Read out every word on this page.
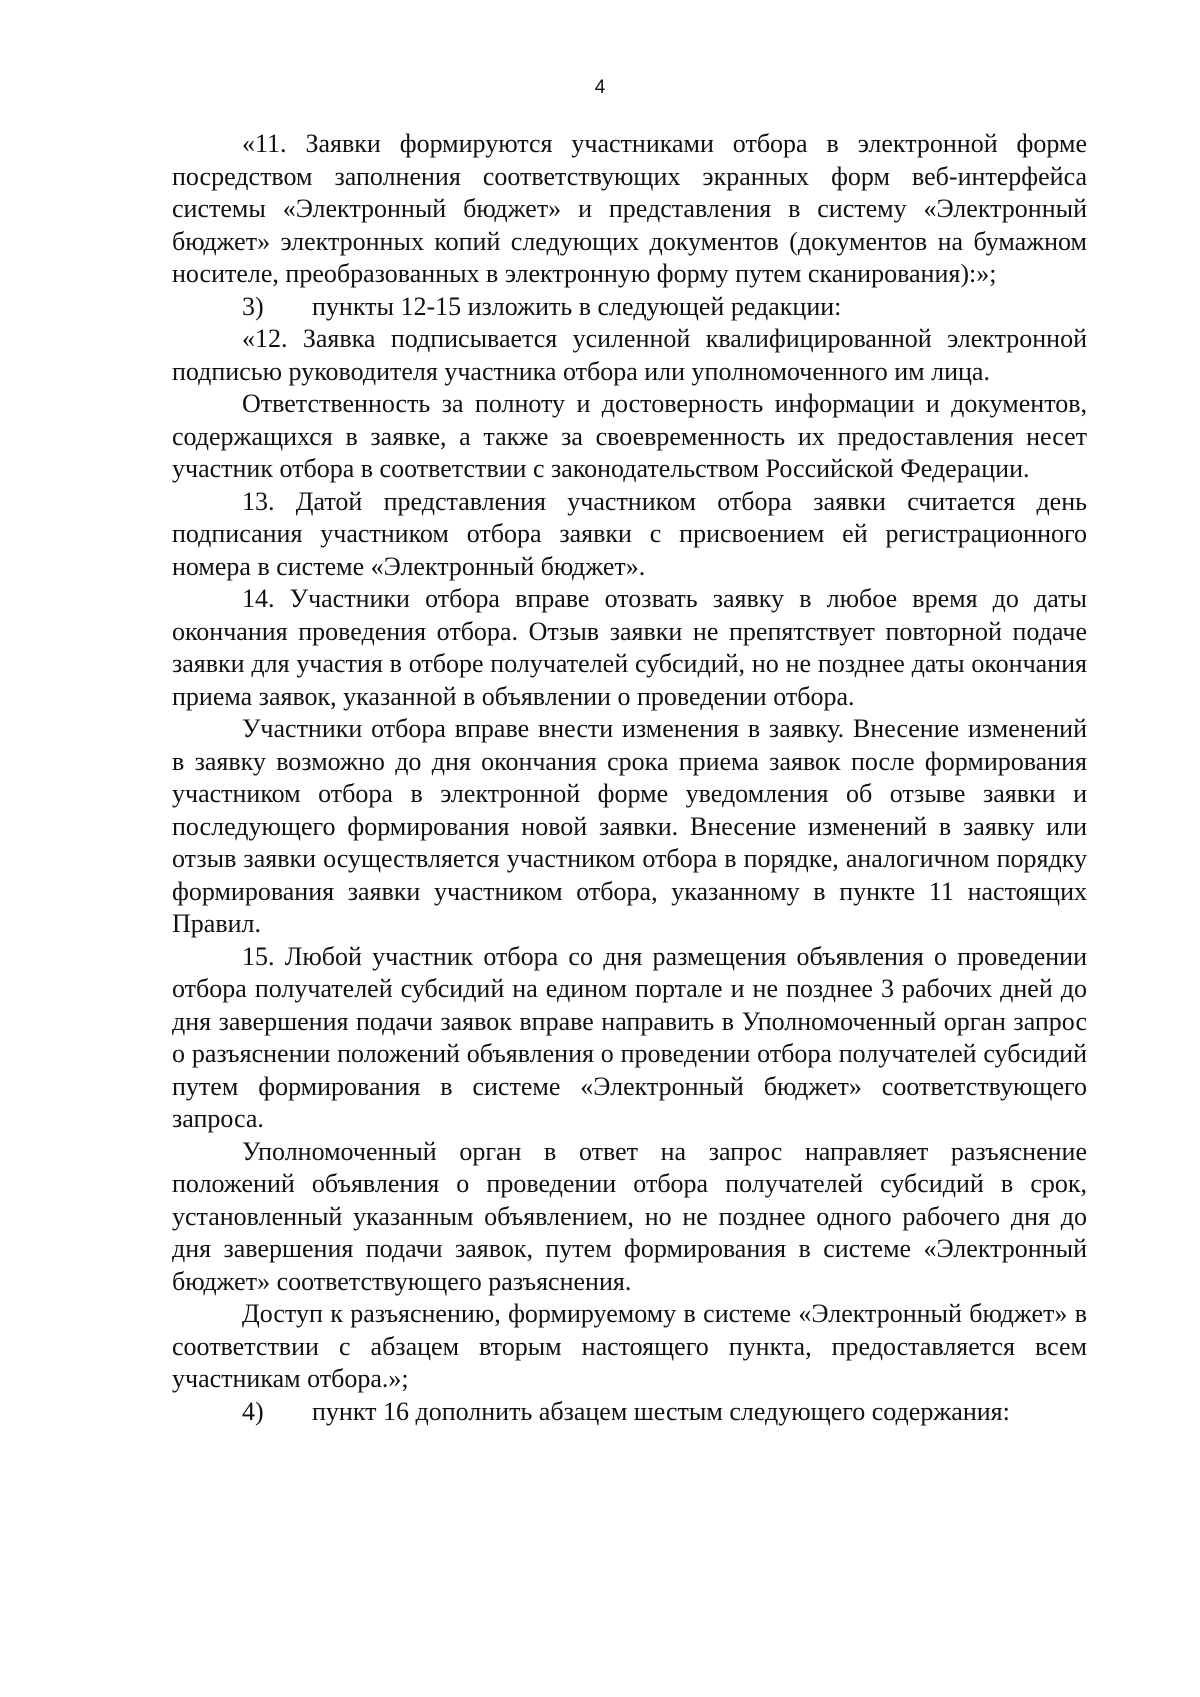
4

«11. Заявки формируются участниками отбора в электронной форме посредством заполнения соответствующих экранных форм веб-интерфейса системы «Электронный бюджет» и представления в систему «Электронный бюджет» электронных копий следующих документов (документов на бумажном носителе, преобразованных в электронную форму путем сканирования):»;

3) пункты 12-15 изложить в следующей редакции:

«12. Заявка подписывается усиленной квалифицированной электронной подписью руководителя участника отбора или уполномоченного им лица.

Ответственность за полноту и достоверность информации и документов, содержащихся в заявке, а также за своевременность их предоставления несет участник отбора в соответствии с законодательством Российской Федерации.

13. Датой представления участником отбора заявки считается день подписания участником отбора заявки с присвоением ей регистрационного номера в системе «Электронный бюджет».

14. Участники отбора вправе отозвать заявку в любое время до даты окончания проведения отбора. Отзыв заявки не препятствует повторной подаче заявки для участия в отборе получателей субсидий, но не позднее даты окончания приема заявок, указанной в объявлении о проведении отбора.

Участники отбора вправе внести изменения в заявку. Внесение изменений в заявку возможно до дня окончания срока приема заявок после формирования участником отбора в электронной форме уведомления об отзыве заявки и последующего формирования новой заявки. Внесение изменений в заявку или отзыв заявки осуществляется участником отбора в порядке, аналогичном порядку формирования заявки участником отбора, указанному в пункте 11 настоящих Правил.

15. Любой участник отбора со дня размещения объявления о проведении отбора получателей субсидий на едином портале и не позднее 3 рабочих дней до дня завершения подачи заявок вправе направить в Уполномоченный орган запрос о разъяснении положений объявления о проведении отбора получателей субсидий путем формирования в системе «Электронный бюджет» соответствующего запроса.

Уполномоченный орган в ответ на запрос направляет разъяснение положений объявления о проведении отбора получателей субсидий в срок, установленный указанным объявлением, но не позднее одного рабочего дня до дня завершения подачи заявок, путем формирования в системе «Электронный бюджет» соответствующего разъяснения.

Доступ к разъяснению, формируемому в системе «Электронный бюджет» в соответствии с абзацем вторым настоящего пункта, предоставляется всем участникам отбора.»;

4) пункт 16 дополнить абзацем шестым следующего содержания:
